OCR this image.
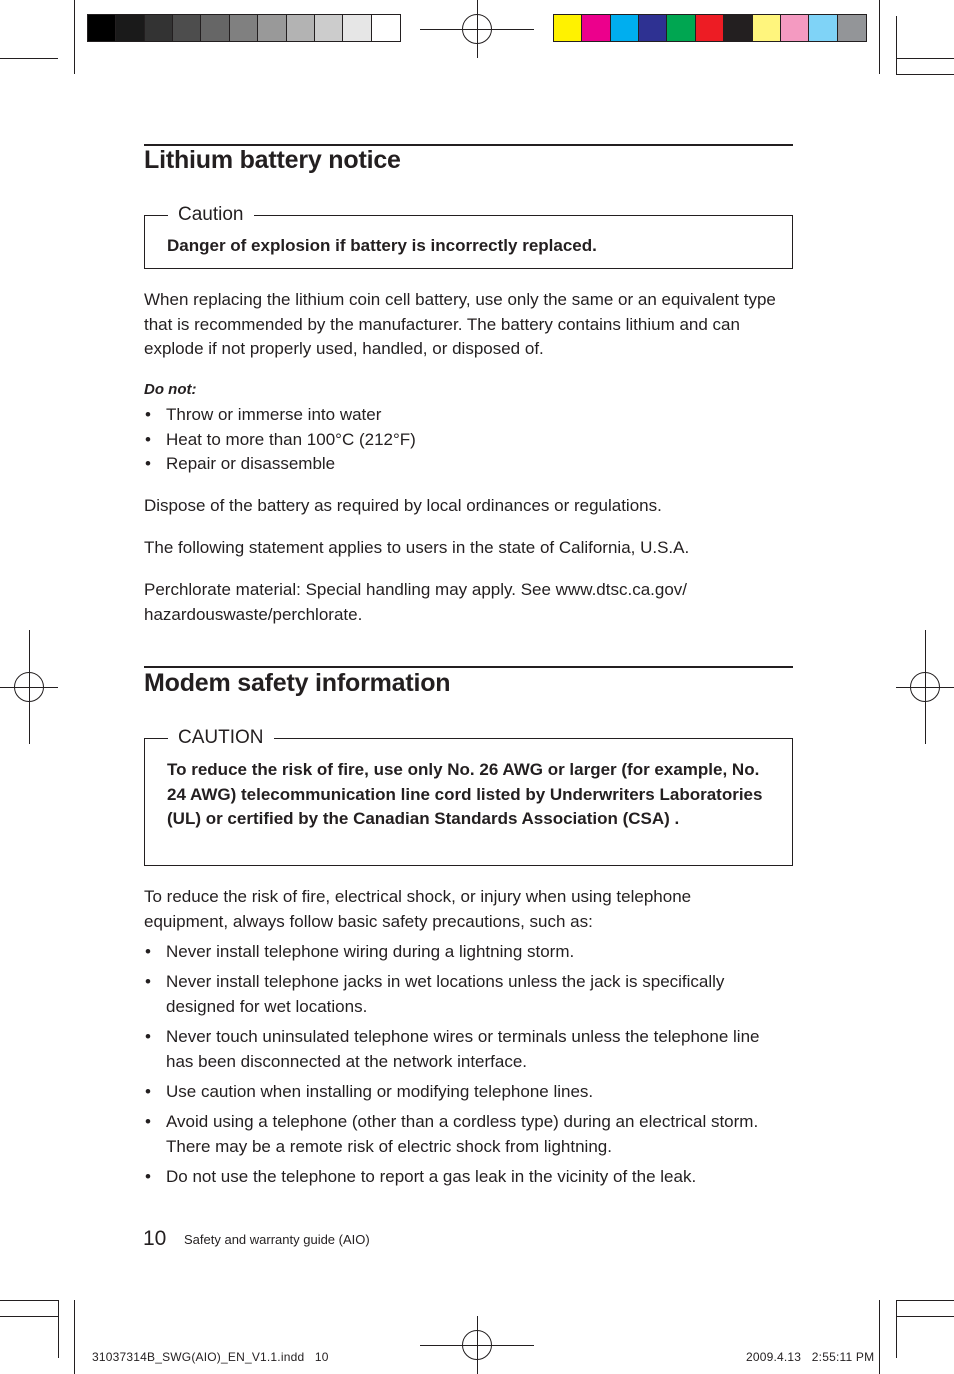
Lithium battery notice
Caution
Danger of explosion if battery is incorrectly replaced.

When replacing the lithium coin cell battery, use only the same or an equivalent type that is recommended by the manufacturer. The battery contains lithium and can explode if not properly used, handled, or disposed of.

Do not:
• Throw or immerse into water
• Heat to more than 100°C (212°F)
• Repair or disassemble

Dispose of the battery as required by local ordinances or regulations.

The following statement applies to users in the state of California, U.S.A.

Perchlorate material: Special handling may apply. See www.dtsc.ca.gov/ hazardouswaste/perchlorate.

Modem safety information
CAUTION
To reduce the risk of fire, use only No. 26 AWG or larger (for example, No. 24 AWG) telecommunication line cord listed by Underwriters Laboratories (UL) or certified by the Canadian Standards Association (CSA) .

To reduce the risk of fire, electrical shock, or injury when using telephone equipment, always follow basic safety precautions, such as:

• Never install telephone wiring during a lightning storm.
• Never install telephone jacks in wet locations unless the jack is specifically designed for wet locations.
• Never touch uninsulated telephone wires or terminals unless the telephone line has been disconnected at the network interface.
• Use caution when installing or modifying telephone lines.
• Avoid using a telephone (other than a cordless type) during an electrical storm. There may be a remote risk of electric shock from lightning.
• Do not use the telephone to report a gas leak in the vicinity of the leak.
10 Safety and warranty guide (AIO)
31037314B_SWG(AIO)_EN_V1.1.indd   10	2009.4.13   2:55:11 PM
